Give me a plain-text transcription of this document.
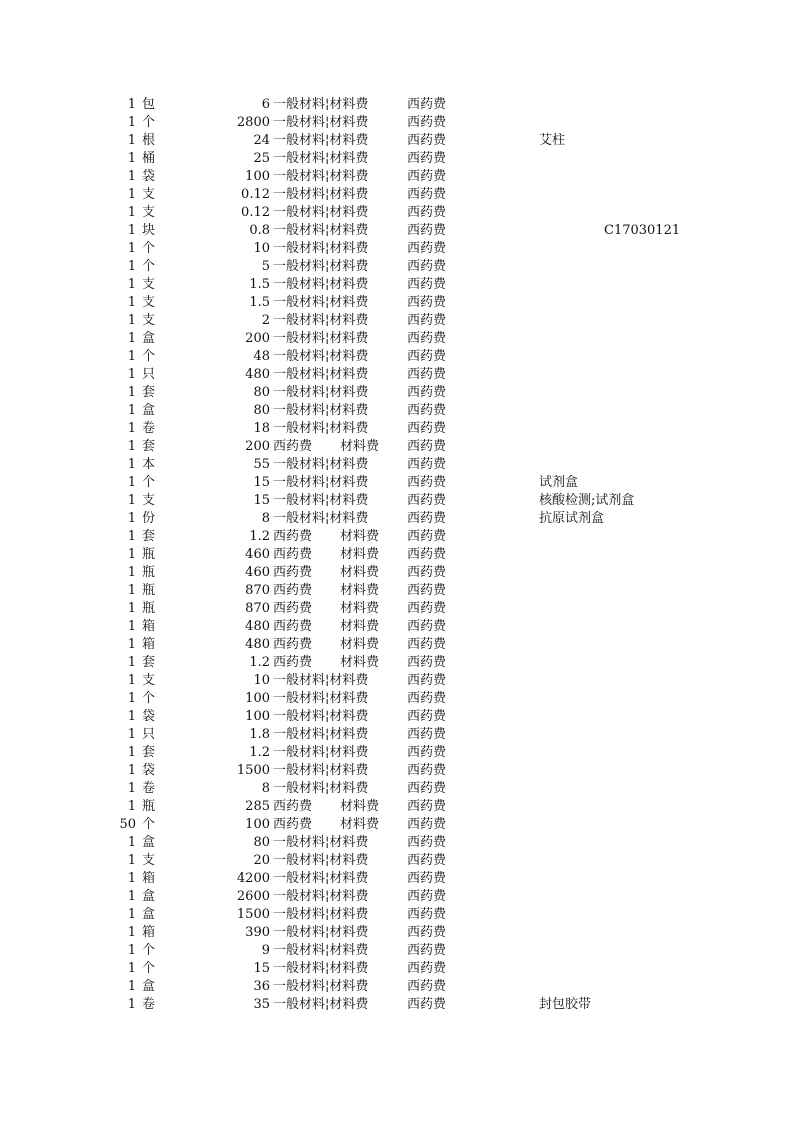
1 包	6 一般材料¦材料费	西药费
1 个	2800 一般材料¦材料费	西药费
1 根	24 一般材料¦材料费	西药费	艾柱
1 桶	25 一般材料¦材料费	西药费
1 袋	100 一般材料¦材料费	西药费
1 支	0.12 一般材料¦材料费	西药费
1 支	0.12 一般材料¦材料费	西药费
1 块	0.8 一般材料¦材料费	西药费	C17030121
1 个	10 一般材料¦材料费	西药费
1 个	5 一般材料¦材料费	西药费
1 支	1.5 一般材料¦材料费	西药费
1 支	1.5 一般材料¦材料费	西药费
1 支	2 一般材料¦材料费	西药费
1 盒	200 一般材料¦材料费	西药费
1 个	48 一般材料¦材料费	西药费
1 只	480 一般材料¦材料费	西药费
1 套	80 一般材料¦材料费	西药费
1 盒	80 一般材料¦材料费	西药费
1 卷	18 一般材料¦材料费	西药费
1 套	200 西药费	材料费	西药费
1 本	55 一般材料¦材料费	西药费
1 个	15 一般材料¦材料费	西药费	试剂盒
1 支	15 一般材料¦材料费	西药费	核酸检测;试剂盒
1 份	8 一般材料¦材料费	西药费	抗原试剂盒
1 套	1.2 西药费	材料费	西药费
1 瓶	460 西药费	材料费	西药费
1 瓶	460 西药费	材料费	西药费
1 瓶	870 西药费	材料费	西药费
1 瓶	870 西药费	材料费	西药费
1 箱	480 西药费	材料费	西药费
1 箱	480 西药费	材料费	西药费
1 套	1.2 西药费	材料费	西药费
1 支	10 一般材料¦材料费	西药费
1 个	100 一般材料¦材料费	西药费
1 袋	100 一般材料¦材料费	西药费
1 只	1.8 一般材料¦材料费	西药费
1 套	1.2 一般材料¦材料费	西药费
1 袋	1500 一般材料¦材料费	西药费
1 卷	8 一般材料¦材料费	西药费
1 瓶	285 西药费	材料费	西药费
50 个	100 西药费	材料费	西药费
1 盒	80 一般材料¦材料费	西药费
1 支	20 一般材料¦材料费	西药费
1 箱	4200 一般材料¦材料费	西药费
1 盒	2600 一般材料¦材料费	西药费
1 盒	1500 一般材料¦材料费	西药费
1 箱	390 一般材料¦材料费	西药费
1 个	9 一般材料¦材料费	西药费
1 个	15 一般材料¦材料费	西药费
1 盒	36 一般材料¦材料费	西药费
1 卷	35 一般材料¦材料费	西药费	封包胶带
